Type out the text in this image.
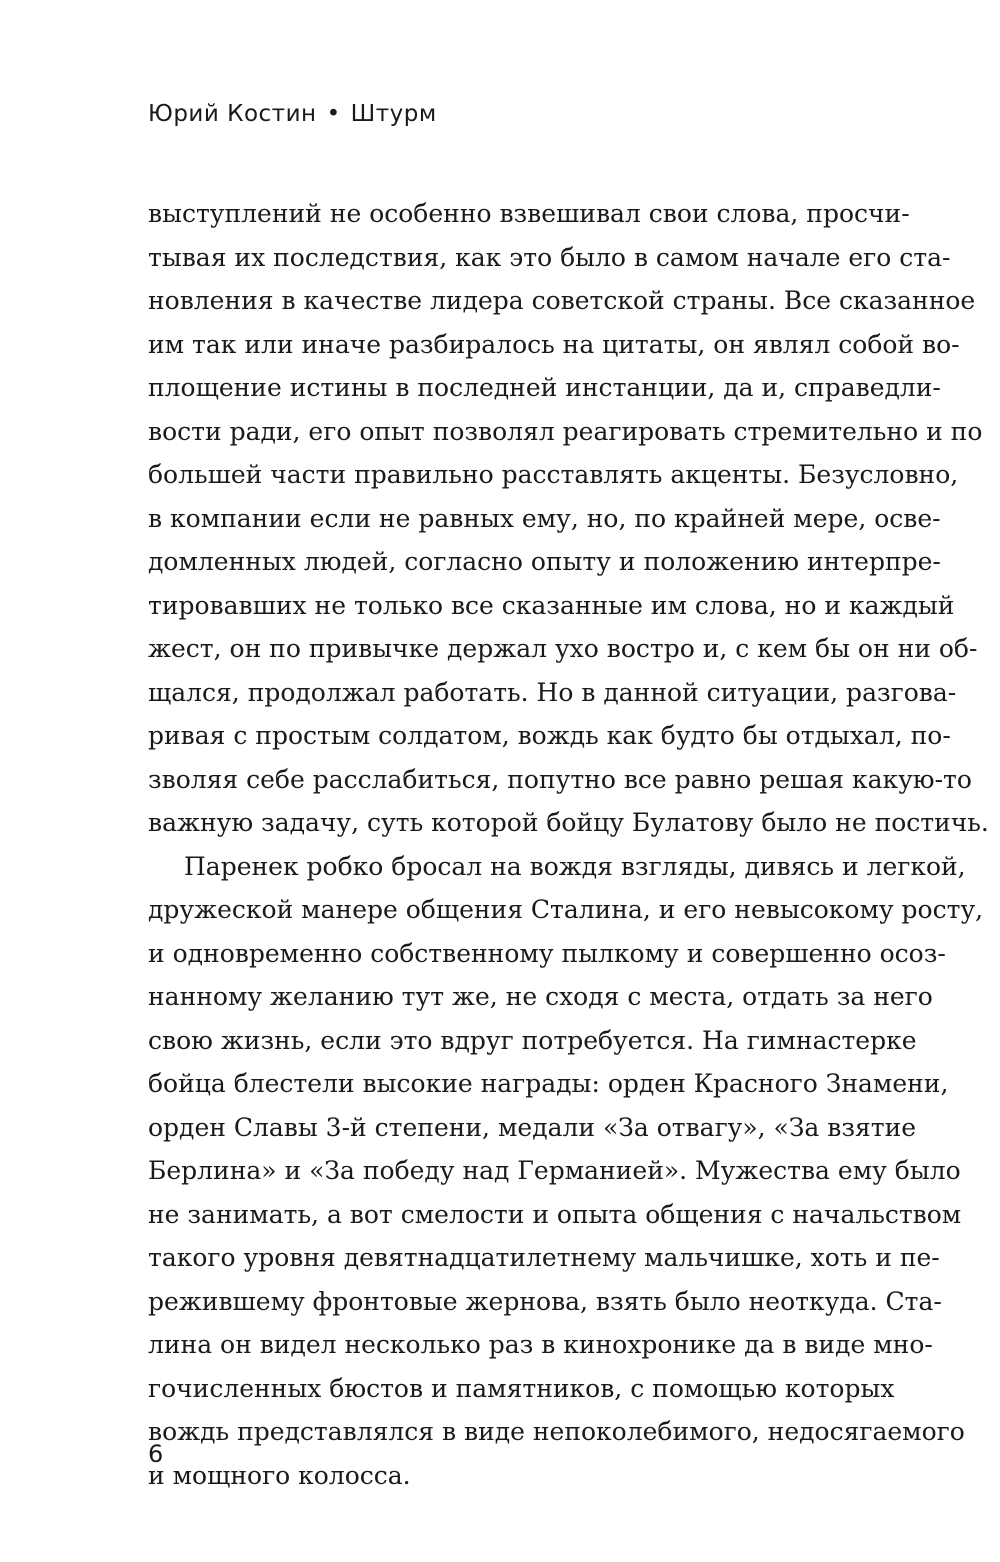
Юрий Костин • Штурм
выступлений не особенно взвешивал свои слова, просчи-
тывая их последствия, как это было в самом начале его ста-
новления в качестве лидера советской страны. Все сказанное
им так или иначе разбиралось на цитаты, он являл собой во-
площение истины в последней инстанции, да и, справедли-
вости ради, его опыт позволял реагировать стремительно и по
большей части правильно расставлять акценты. Безусловно,
в компании если не равных ему, но, по крайней мере, осве-
домленных людей, согласно опыту и положению интерпре-
тировавших не только все сказанные им слова, но и каждый
жест, он по привычке держал ухо востро и, с кем бы он ни об-
щался, продолжал работать. Но в данной ситуации, разгова-
ривая с простым солдатом, вождь как будто бы отдыхал, по-
зволяя себе расслабиться, попутно все равно решая какую-то
важную задачу, суть которой бойцу Булатову было не постичь.
Паренек робко бросал на вождя взгляды, дивясь и легкой,
дружеской манере общения Сталина, и его невысокому росту,
и одновременно собственному пылкому и совершенно осоз-
нанному желанию тут же, не сходя с места, отдать за него
свою жизнь, если это вдруг потребуется. На гимнастерке
бойца блестели высокие награды: орден Красного Знамени,
орден Славы 3-й степени, медали «За отвагу», «За взятие
Берлина» и «За победу над Германией». Мужества ему было
не занимать, а вот смелости и опыта общения с начальством
такого уровня девятнадцатилетнему мальчишке, хоть и пе-
режившему фронтовые жернова, взять было неоткуда. Ста-
лина он видел несколько раз в кинохронике да в виде мно-
гочисленных бюстов и памятников, с помощью которых
вождь представлялся в виде непоколебимого, недосягаемого
и мощного колосса.
6
